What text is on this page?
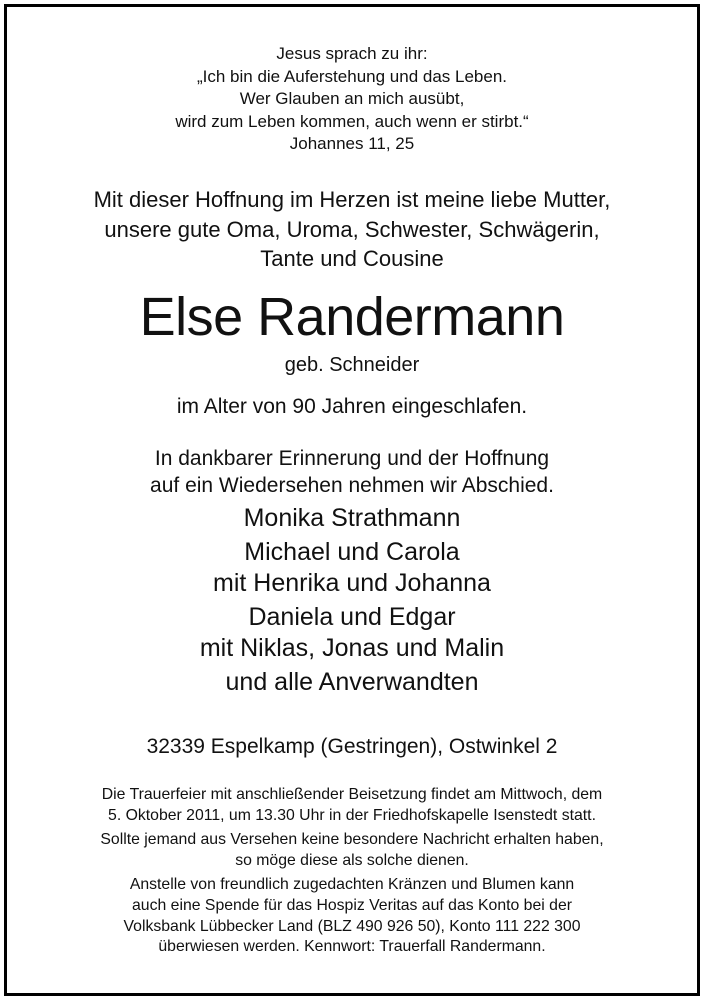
Jesus sprach zu ihr:
„Ich bin die Auferstehung und das Leben.
Wer Glauben an mich ausübt,
wird zum Leben kommen, auch wenn er stirbt.“
Johannes 11, 25
Mit dieser Hoffnung im Herzen ist meine liebe Mutter,
unsere gute Oma, Uroma, Schwester, Schwägerin,
Tante und Cousine
Else Randermann
geb. Schneider
im Alter von 90 Jahren eingeschlafen.
In dankbarer Erinnerung und der Hoffnung
auf ein Wiedersehen nehmen wir Abschied.
Monika Strathmann
Michael und Carola
mit Henrika und Johanna
Daniela und Edgar
mit Niklas, Jonas und Malin
und alle Anverwandten
32339 Espelkamp (Gestringen), Ostwinkel 2
Die Trauerfeier mit anschließender Beisetzung findet am Mittwoch, dem
5. Oktober 2011, um 13.30 Uhr in der Friedhofskapelle Isenstedt statt.
Sollte jemand aus Versehen keine besondere Nachricht erhalten haben,
so möge diese als solche dienen.
Anstelle von freundlich zugedachten Kränzen und Blumen kann
auch eine Spende für das Hospiz Veritas auf das Konto bei der
Volksbank Lübbecker Land (BLZ 490 926 50), Konto 111 222 300
überwiesen werden. Kennwort: Trauerfall Randermann.
